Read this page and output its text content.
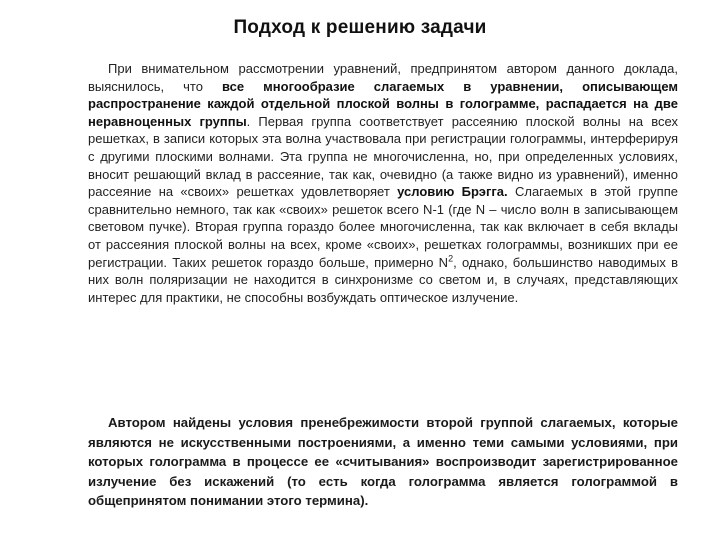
Подход к решению задачи
При внимательном рассмотрении уравнений, предпринятом автором данного доклада, выяснилось, что все многообразие слагаемых в уравнении, описывающем распространение каждой отдельной плоской волны в голограмме, распадается на две неравноценных группы. Первая группа соответствует рассеянию плоской волны на всех решетках, в записи которых эта волна участвовала при регистрации голограммы, интерферируя с другими плоскими волнами. Эта группа не многочисленна, но, при определенных условиях, вносит решающий вклад в рассеяние, так как, очевидно (а также видно из уравнений), именно рассеяние на «своих» решетках удовлетворяет условию Брэгга. Слагаемых в этой группе сравнительно немного, так как «своих» решеток всего N-1 (где N – число волн в записывающем световом пучке). Вторая группа гораздо более многочисленна, так как включает в себя вклады от рассеяния плоской волны на всех, кроме «своих», решетках голограммы, возникших при ее регистрации. Таких решеток гораздо больше, примерно $N^2$, однако, большинство наводимых в них волн поляризации не находится в синхронизме со светом и, в случаях, представляющих интерес для практики, не способны возбуждать оптическое излучение.
Автором найдены условия пренебрежимости второй группой слагаемых, которые являются не искусственными построениями, а именно теми самыми условиями, при которых голограмма в процессе ее «считывания» воспроизводит зарегистрированное излучение без искажений (то есть когда голограмма является голограммой в общепринятом понимании этого термина).
